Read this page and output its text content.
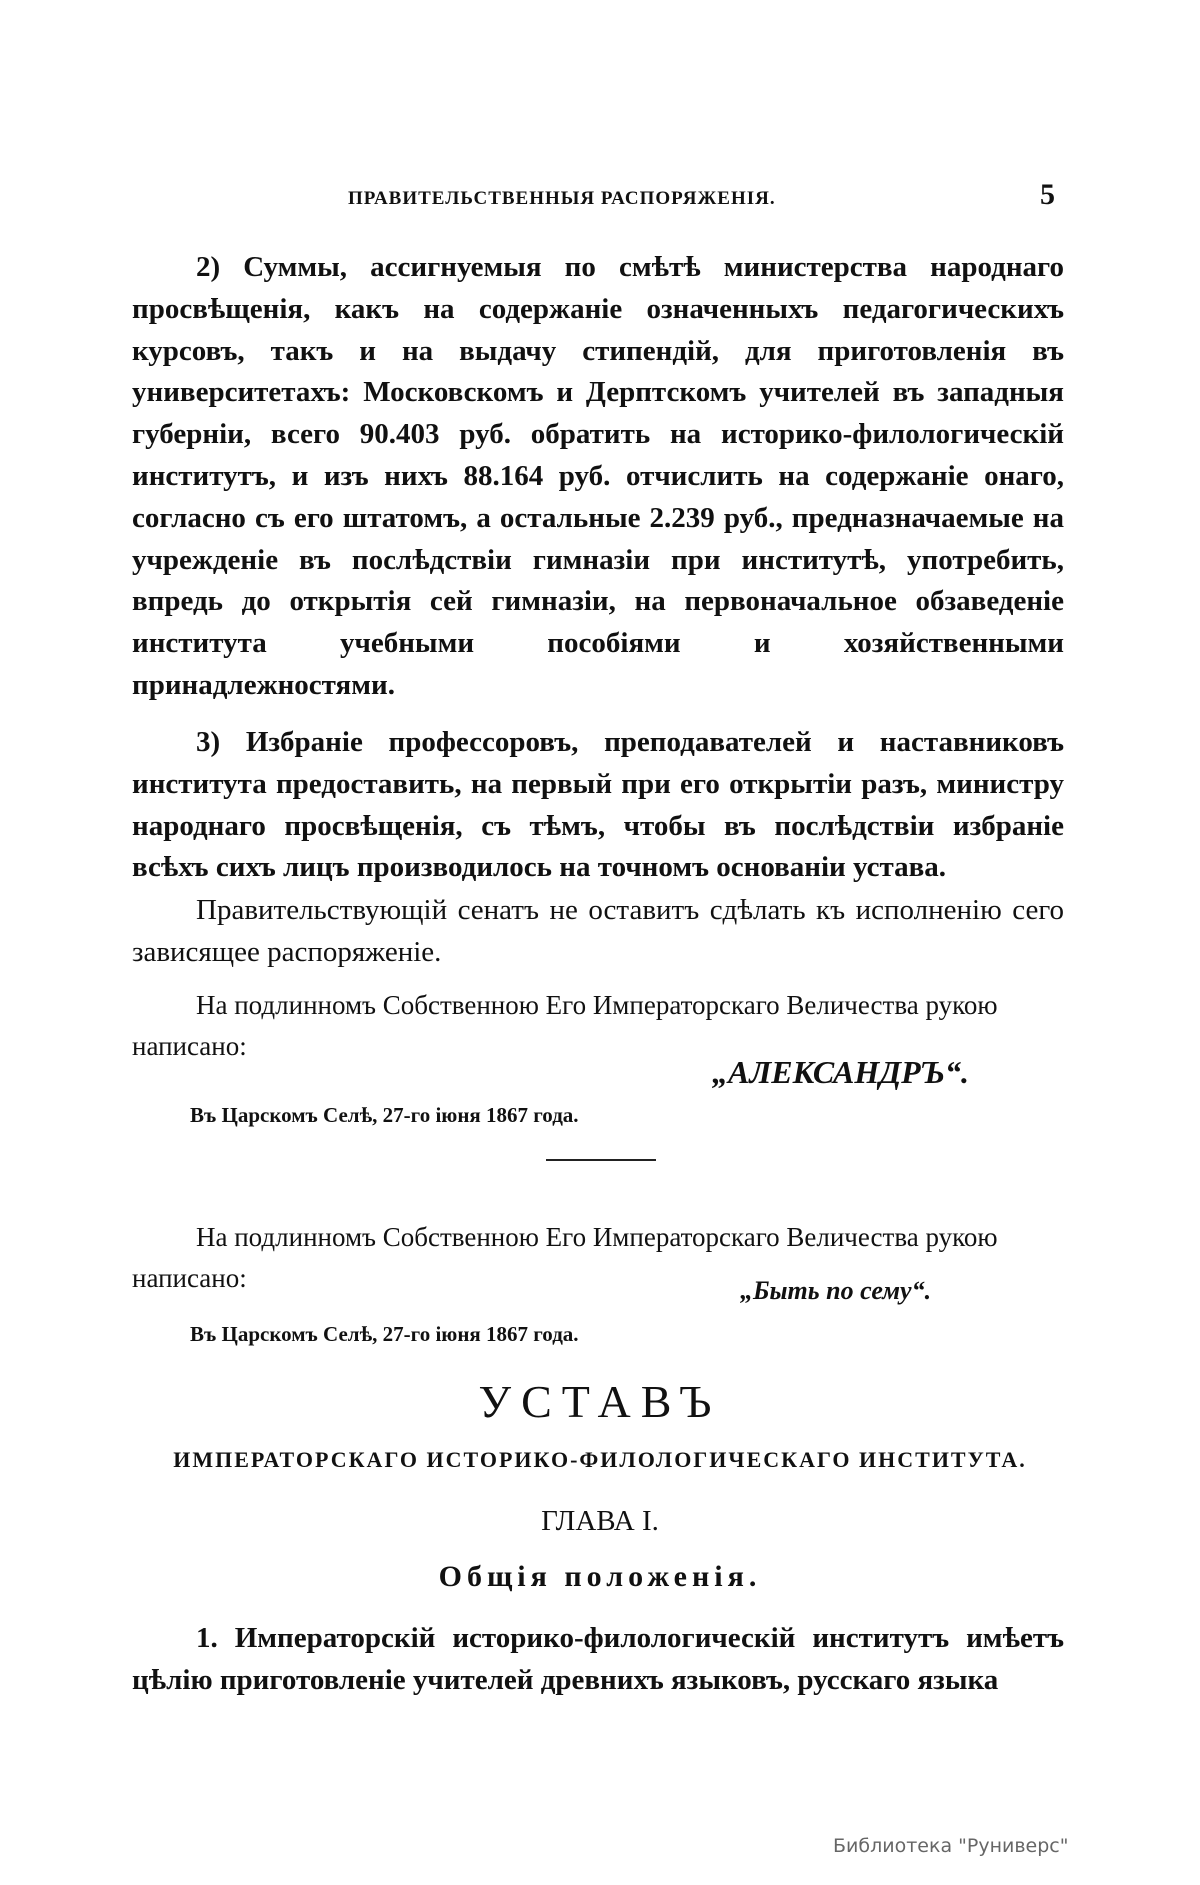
ПРАВИТЕЛЬСТВЕННЫЯ РАСПОРЯЖЕНІЯ.	5
2) Суммы, ассигнуемыя по смѣтѣ министерства народнаго просвѣщенія, какъ на содержаніе означенныхъ педагогическихъ курсовъ, такъ и на выдачу стипендій, для приготовленія въ университетахъ: Московскомъ и Дерптскомъ учителей въ западныя губерніи, всего 90.403 руб. обратить на историко-филологическій институтъ, и изъ нихъ 88.164 руб. отчислить на содержаніе онаго, согласно съ его штатомъ, а остальные 2.239 руб., предназначаемые на учрежденіе въ послѣдствіи гимназіи при институтѣ, употребить, впредь до открытія сей гимназіи, на первоначальное обзаведеніе института учебными пособіями и хозяйственными принадлежностями.
3) Избраніе профессоровъ, преподавателей и наставниковъ института предоставить, на первый при его открытіи разъ, министру народнаго просвѣщенія, съ тѣмъ, чтобы въ послѣдствіи избраніе всѣхъ сихъ лицъ производилось на точномъ основаніи устава.
Правительствующій сенатъ не оставитъ сдѣлать къ исполненію сего зависящее распоряженіе.
На подлинномъ Собственною Его Императорскаго Величества рукою написано:
„АЛЕКСАНДРЪ“.
Въ Царскомъ Селѣ, 27-го іюня 1867 года.
На подлинномъ Собственною Его Императорскаго Величества рукою написано:	„Быть по сему“.
Въ Царскомъ Селѣ, 27-го іюня 1867 года.
УСТАВЪ
ИМПЕРАТОРСКАГО ИСТОРИКО-ФИЛОЛОГИЧЕСКАГО ИНСТИТУТА.
ГЛАВА I.
Общія положенія.
1. Императорскій историко-филологическій институтъ имѣетъ цѣлію приготовленіе учителей древнихъ языковъ, русскаго языка
Библиотека "Руниверс"
